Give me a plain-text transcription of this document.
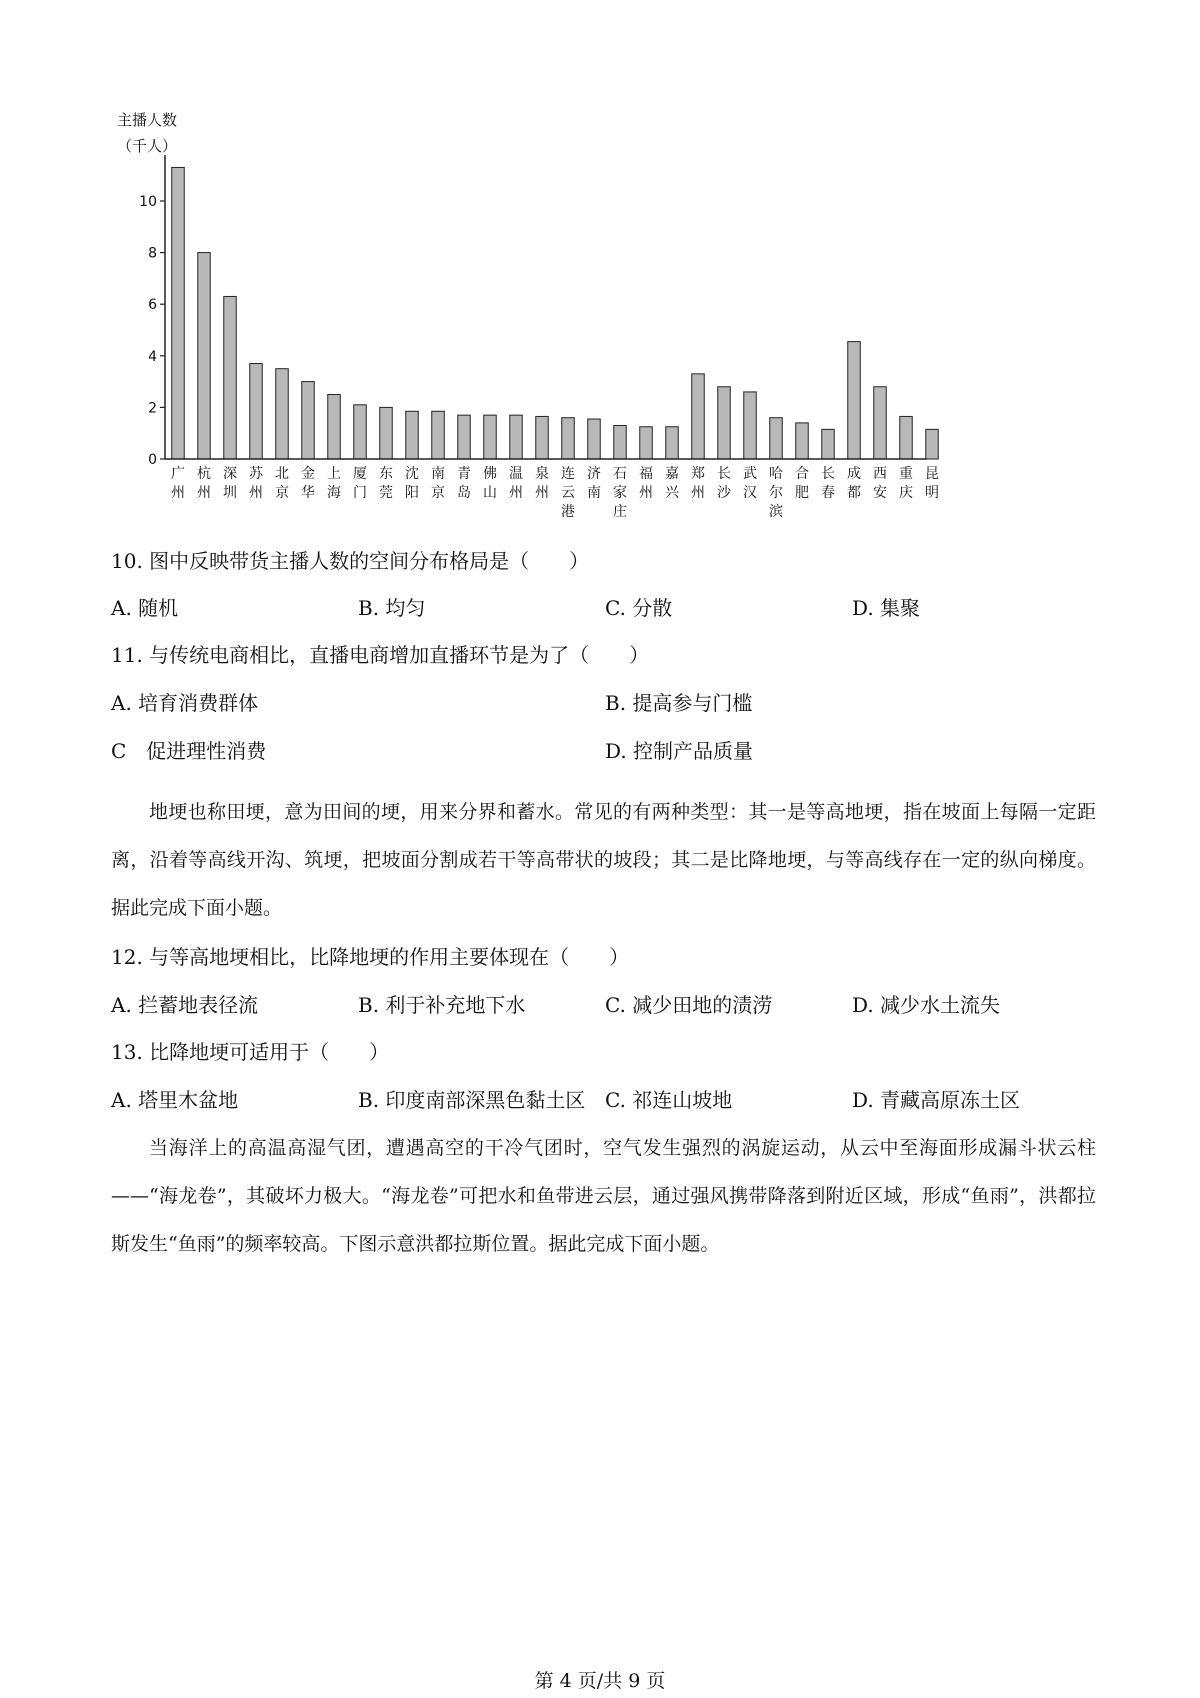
主播人数
（千人）
0
2
4
6
8
10
广州
杭州
深圳
苏州
北京
金华
上海
厦门
东莞
沈阳
南京
青岛
佛山
温州
泉州
连云港
济南
石家庄
福州
嘉兴
郑州
长沙
武汉
哈尔滨
合肥
长春
成都
西安
重庆
昆明
10. 图中反映带货主播人数的空间分布格局是（　　）
A. 随机	B. 均匀	C. 分散	D. 集聚
11. 与传统电商相比，直播电商增加直播环节是为了（　　）
A. 培育消费群体	B. 提高参与门槛
C　促进理性消费	D. 控制产品质量
地埂也称田埂，意为田间的埂，用来分界和蓄水。常见的有两种类型：其一是等高地埂，指在坡面上每隔一定距离，沿着等高线开沟、筑埂，把坡面分割成若干等高带状的坡段；其二是比降地埂，与等高线存在一定的纵向梯度。据此完成下面小题。
12. 与等高地埂相比，比降地埂的作用主要体现在（　　）
A. 拦蓄地表径流	B. 利于补充地下水	C. 减少田地的渍涝	D. 减少水土流失
13. 比降地埂可适用于（　　）
A. 塔里木盆地	B. 印度南部深黑色黏土区 C. 祁连山坡地	D. 青藏高原冻土区
当海洋上的高温高湿气团，遭遇高空的干冷气团时，空气发生强烈的涡旋运动，从云中至海面形成漏斗状云柱——“海龙卷”，其破坏力极大。“海龙卷”可把水和鱼带进云层，通过强风携带降落到附近区域，形成“鱼雨”，洪都拉斯发生“鱼雨”的频率较高。下图示意洪都拉斯位置。据此完成下面小题。
第 4 页/共 9 页
